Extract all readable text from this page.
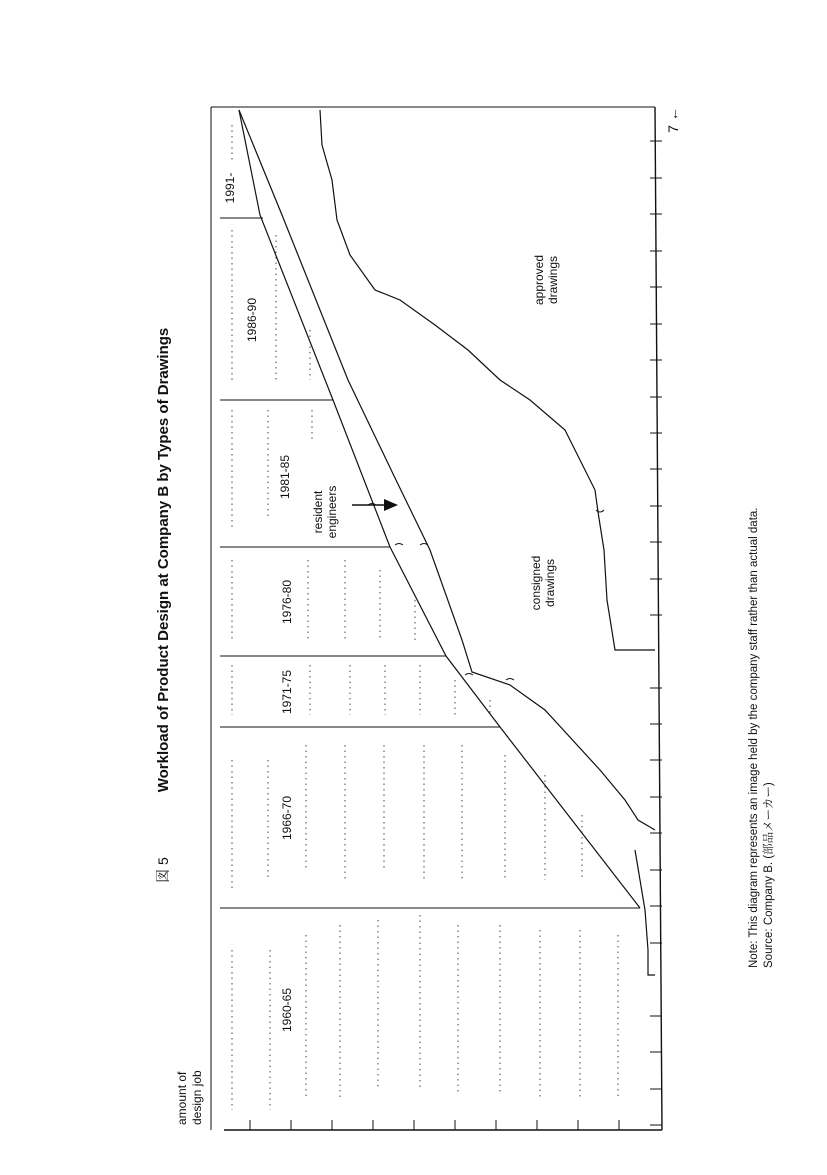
図 5
Workload of Product Design at Company B by Types of Drawings
amount of design job
7 ←
1960-65
1966-70
1971-75
1976-80
1981-85
1986-90
1991-
approved drawings
consigned drawings
resident engineers	Note: This diagram represents an image held by the company staff rather than actual data. Source: Company B. (部品メーカー)
